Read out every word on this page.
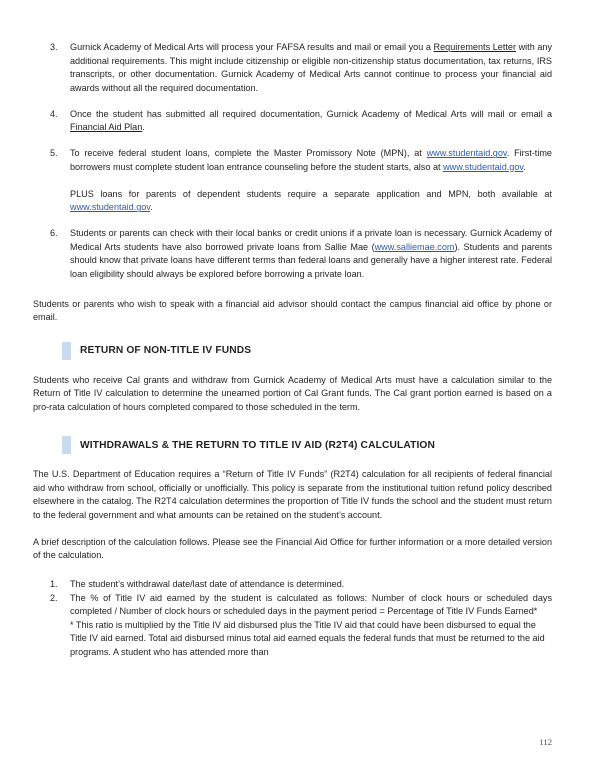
3.	Gurnick Academy of Medical Arts will process your FAFSA results and mail or email you a Requirements Letter with any additional requirements. This might include citizenship or eligible non-citizenship status documentation, tax returns, IRS transcripts, or other documentation. Gurnick Academy of Medical Arts cannot continue to process your financial aid awards without all the required documentation.
4.	Once the student has submitted all required documentation, Gurnick Academy of Medical Arts will mail or email a Financial Aid Plan.
5.	To receive federal student loans, complete the Master Promissory Note (MPN), at www.studentaid.gov. First-time borrowers must complete student loan entrance counseling before the student starts, also at www.studentaid.gov.
PLUS loans for parents of dependent students require a separate application and MPN, both available at www.studentaid.gov.
6.	Students or parents can check with their local banks or credit unions if a private loan is necessary. Gurnick Academy of Medical Arts students have also borrowed private loans from Sallie Mae (www.salliemae.com). Students and parents should know that private loans have different terms than federal loans and generally have a higher interest rate. Federal loan eligibility should always be explored before borrowing a private loan.

Students or parents who wish to speak with a financial aid advisor should contact the campus financial aid office by phone or email.

RETURN OF NON-TITLE IV FUNDS

Students who receive Cal grants and withdraw from Gurnick Academy of Medical Arts must have a calculation similar to the Return of Title IV calculation to determine the unearned portion of Cal Grant funds. The Cal grant portion earned is based on a pro-rata calculation of hours completed compared to those scheduled in the term.

WITHDRAWALS & THE RETURN TO TITLE IV AID (R2T4) CALCULATION

The U.S. Department of Education requires a “Return of Title IV Funds” (R2T4) calculation for all recipients of federal financial aid who withdraw from school, officially or unofficially. This policy is separate from the institutional tuition refund policy described elsewhere in the catalog. The R2T4 calculation determines the proportion of Title IV funds the school and the student must return to the federal government and what amounts can be retained on the student’s account.

A brief description of the calculation follows. Please see the Financial Aid Office for further information or a more detailed version of the calculation.

1.	The student’s withdrawal date/last date of attendance is determined.
2.	The % of Title IV aid earned by the student is calculated as follows: Number of clock hours or scheduled days completed / Number of clock hours or scheduled days in the payment period = Percentage of Title IV Funds Earned*
* This ratio is multiplied by the Title IV aid disbursed plus the Title IV aid that could have been disbursed to equal the Title IV aid earned. Total aid disbursed minus total aid earned equals the federal funds that must be returned to the aid programs. A student who has attended more than
112
